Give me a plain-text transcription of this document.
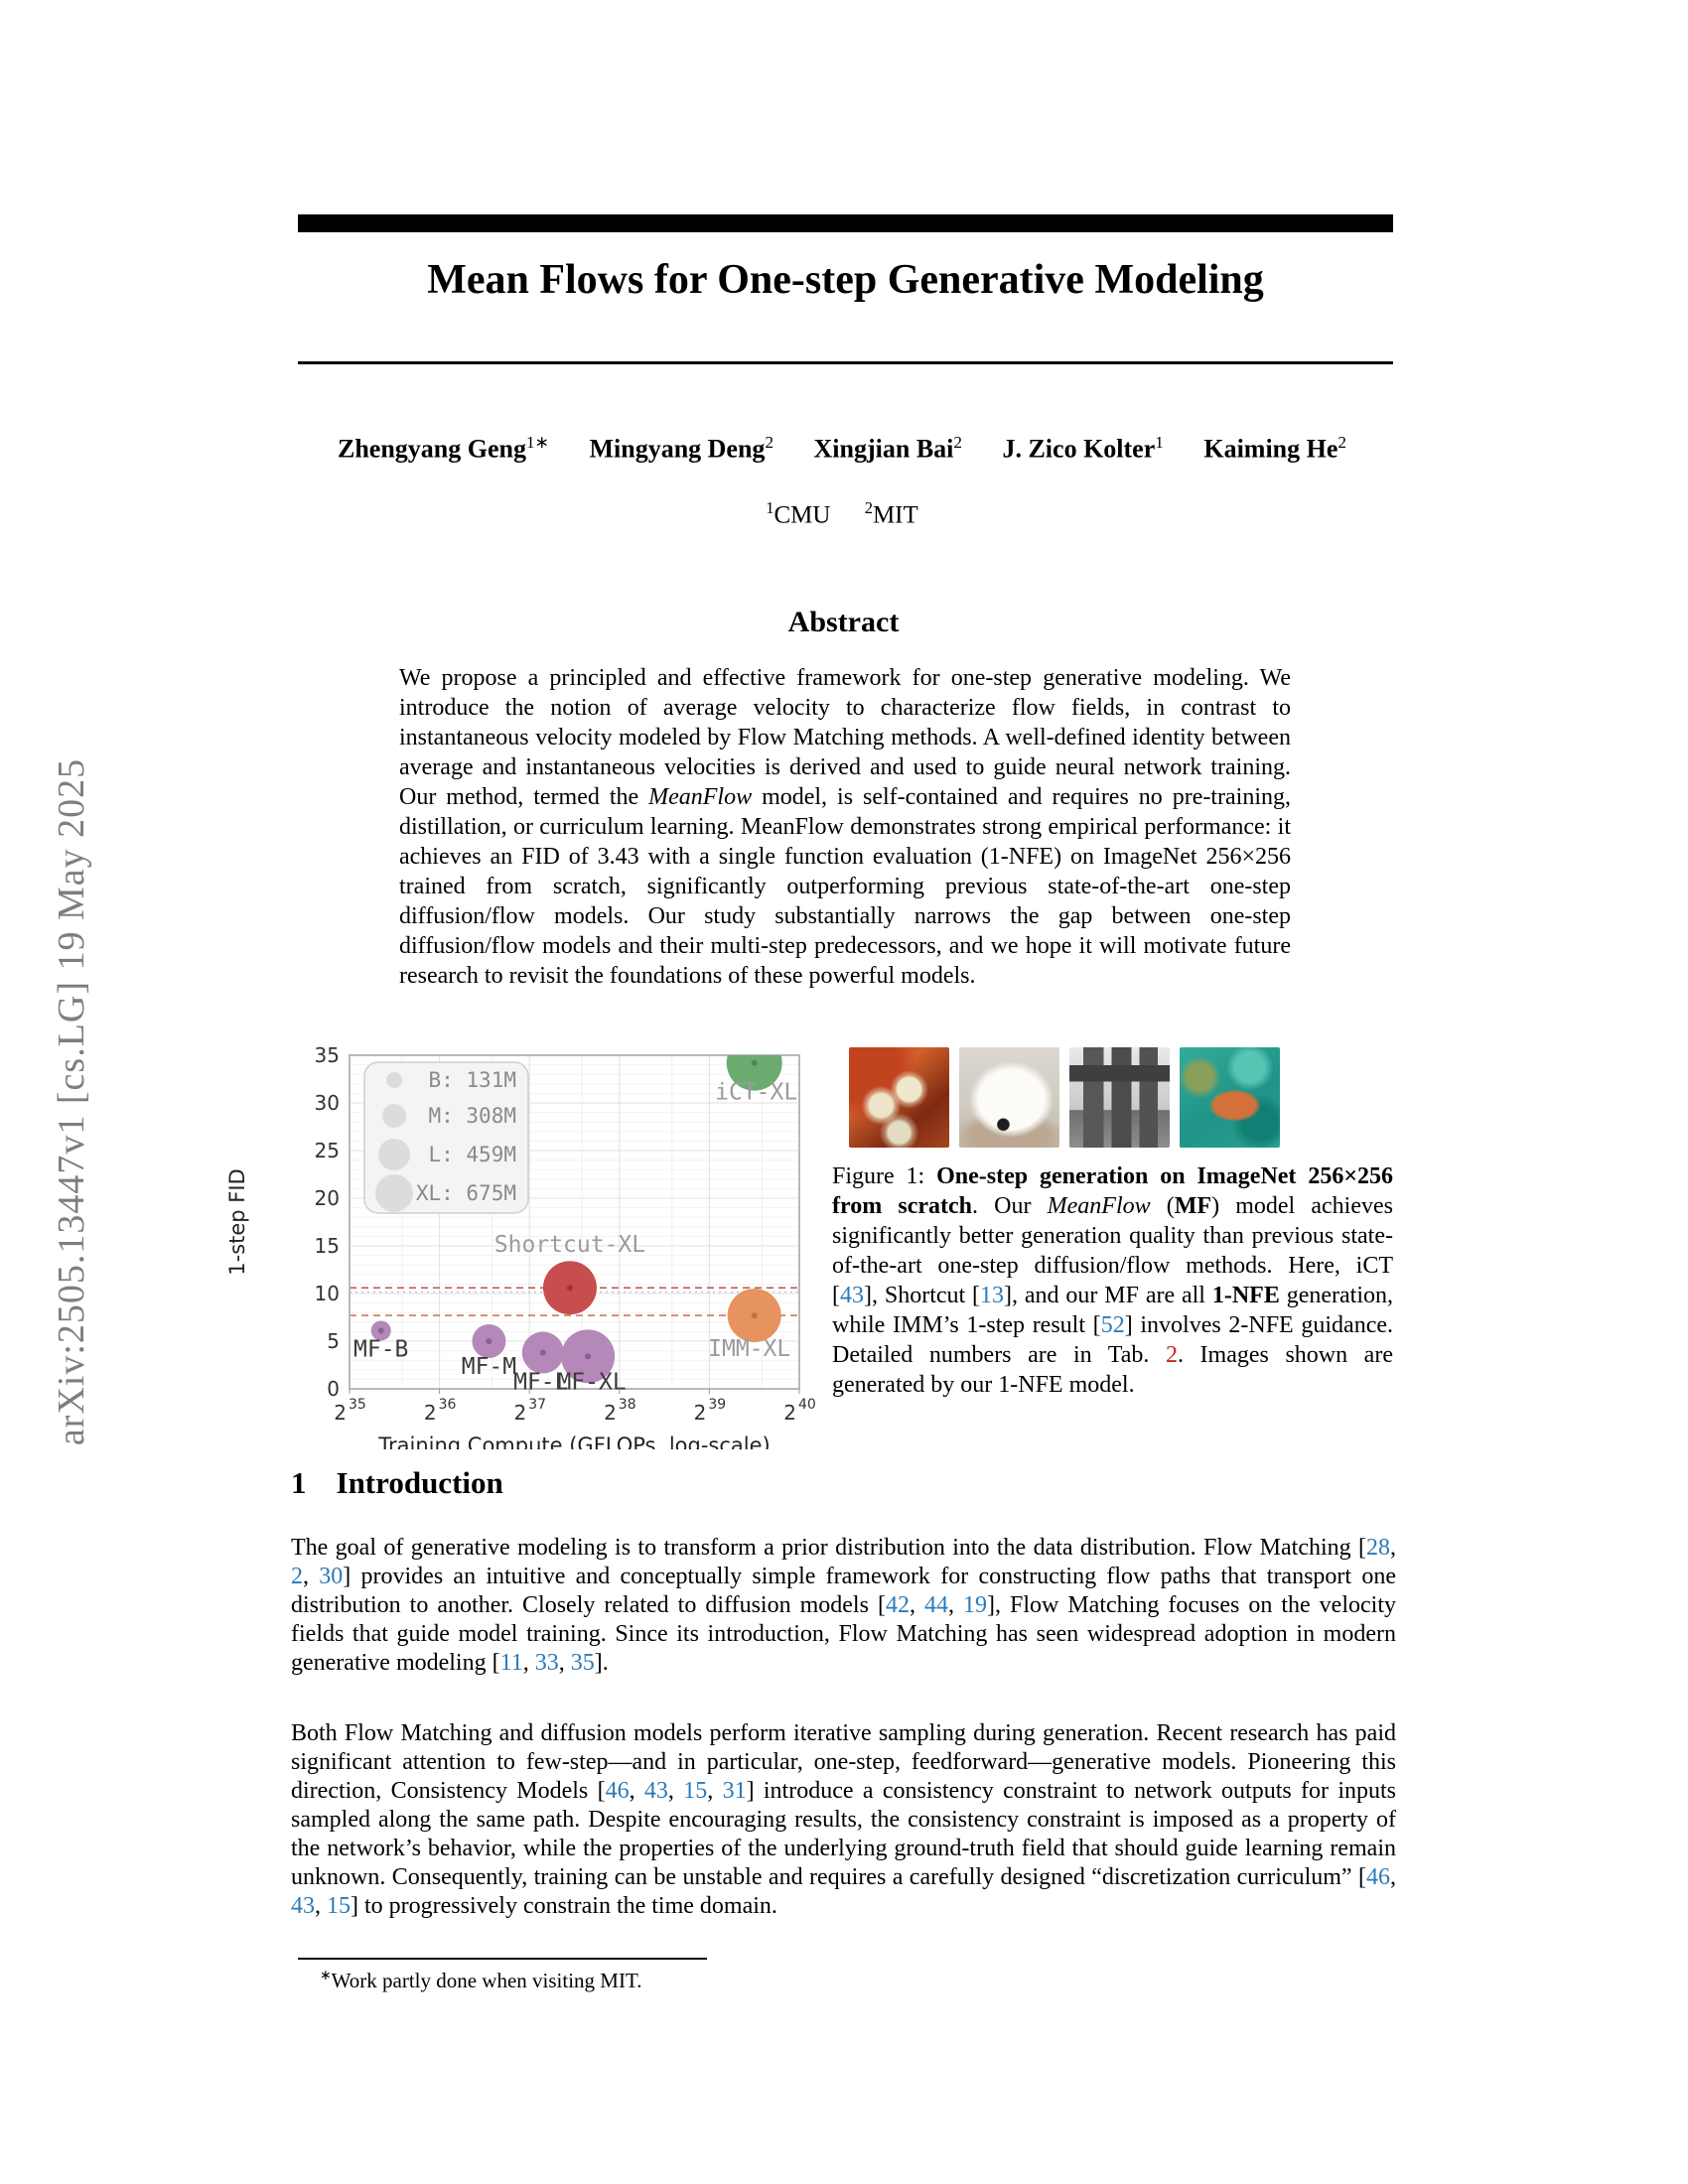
arXiv:2505.13447v1 [cs.LG] 19 May 2025
Mean Flows for One-step Generative Modeling
Zhengyang Geng$^{1∗}$ Mingyang Deng$^2$ Xingjian Bai$^2$ J. Zico Kolter$^1$ Kaiming He$^2$
$^1$CMU $^2$MIT
Abstract
We propose a principled and effective framework for one-step generative modeling. We introduce the notion of average velocity to characterize flow fields, in contrast to instantaneous velocity modeled by Flow Matching methods. A well-defined identity between average and instantaneous velocities is derived and used to guide neural network training. Our method, termed the MeanFlow model, is self-contained and requires no pre-training, distillation, or curriculum learning. MeanFlow demonstrates strong empirical performance: it achieves an FID of 3.43 with a single function evaluation (1-NFE) on ImageNet 256×256 trained from scratch, significantly outperforming previous state-of-the-art one-step diffusion/flow models. Our study substantially narrows the gap between one-step diffusion/flow models and their multi-step predecessors, and we hope it will motivate future research to revisit the foundations of these powerful models.
MF-B
MF-M
MF-L
MF-XL
Shortcut-XL
IMM-XL
iCT-XL
0
5
10
15
20
25
30
35
2 35	2 36	2 37	2 38	2 39	2 40
Training Compute (GFLOPs, log-scale)
1-step FID
B: 131M
M: 308M
L: 459M
XL: 675M
Figure 1: One-step generation on ImageNet 256×256 from scratch. Our MeanFlow (MF) model achieves significantly better generation quality than previous state-of-the-art one-step diffusion/flow methods. Here, iCT [43], Shortcut [13], and our MF are all 1-NFE generation, while IMM’s 1-step result [52] involves 2-NFE guidance. Detailed numbers are in Tab. 2. Images shown are generated by our 1-NFE model.
1 Introduction
The goal of generative modeling is to transform a prior distribution into the data distribution. Flow Matching [28, 2, 30] provides an intuitive and conceptually simple framework for constructing flow paths that transport one distribution to another. Closely related to diffusion models [42, 44, 19], Flow Matching focuses on the velocity fields that guide model training. Since its introduction, Flow Matching has seen widespread adoption in modern generative modeling [11, 33, 35].
Both Flow Matching and diffusion models perform iterative sampling during generation. Recent research has paid significant attention to few-step—and in particular, one-step, feedforward—generative models. Pioneering this direction, Consistency Models [46, 43, 15, 31] introduce a consistency constraint to network outputs for inputs sampled along the same path. Despite encouraging results, the consistency constraint is imposed as a property of the network’s behavior, while the properties of the underlying ground-truth field that should guide learning remain unknown. Consequently, training can be unstable and requires a carefully designed “discretization curriculum” [46, 43, 15] to progressively constrain the time domain.
∗Work partly done when visiting MIT.
